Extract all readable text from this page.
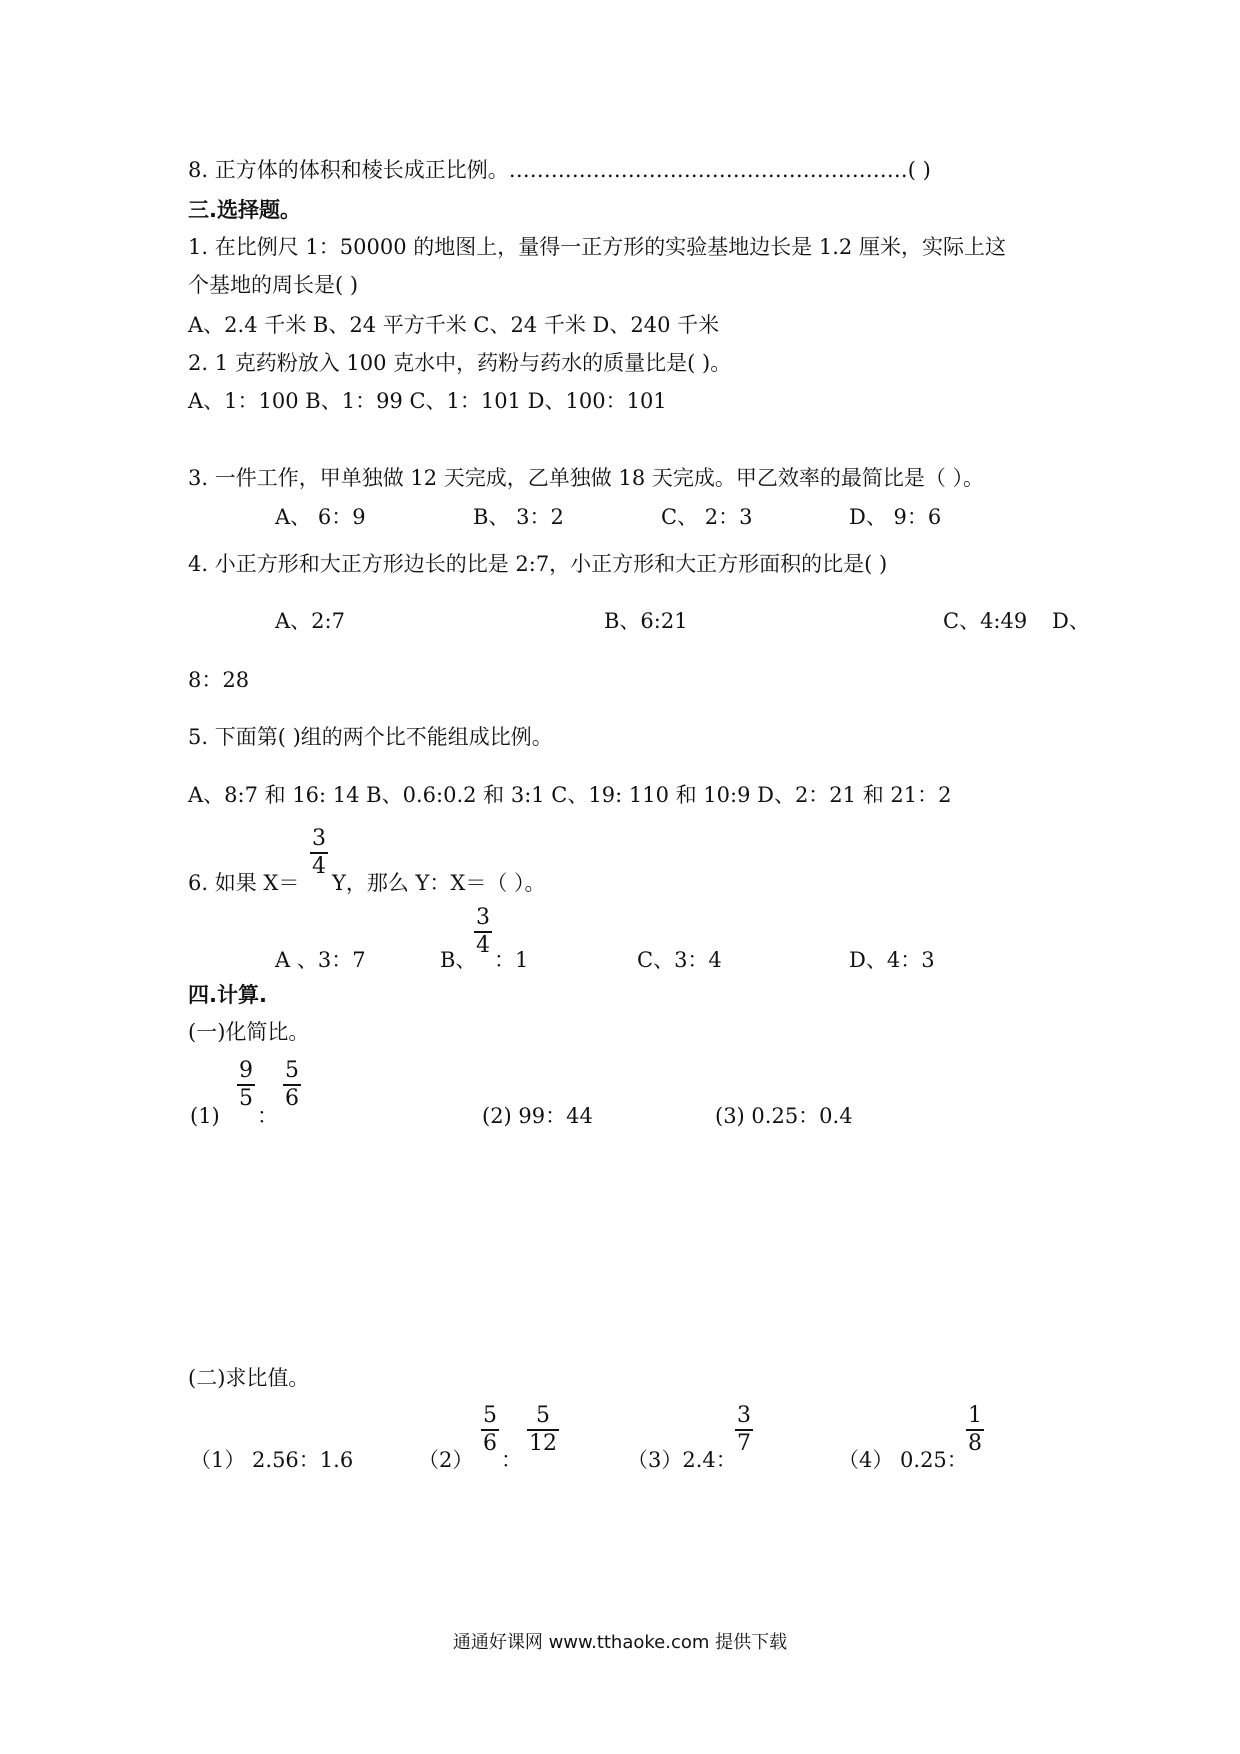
8. 正方体的体积和棱长成正比例。…………………………………………………( )
三.选择题。
1. 在比例尺 1：50000 的地图上，量得一正方形的实验基地边长是 1.2 厘米，实际上这
个基地的周长是( )
A、2.4 千米 B、24 平方千米 C、24 千米 D、240 千米
2. 1 克药粉放入 100 克水中，药粉与药水的质量比是( )。
A、1：100 B、1：99 C、1：101 D、100：101
3. 一件工作，甲单独做 12 天完成，乙单独做 18 天完成。甲乙效率的最简比是（ ）。
A、 6：9	B、 3：2	C、 2：3	D、 9：6
4. 小正方形和大正方形边长的比是 2:7，小正方形和大正方形面积的比是( )
A、2:7	B、6:21	C、4:49 D、
8：28
5. 下面第( )组的两个比不能组成比例。
A、8:7 和 16: 14 B、0.6:0.2 和 3:1 C、19: 110 和 10:9 D、2：21 和 21：2
6. 如果 X＝
3
4
Y，那么 Y：X＝（ ）。
A 、3：7	B、
3
4
：1	C、3：4	D、4：3
四.计算.
(一)化简比。
(1)
9
5
：
5
6
(2) 99：44	(3) 0.25：0.4
(二)求比值。
（1） 2.56：1.6	（2）
5
6
：
5
12
（3）2.4：
3
7
（4） 0.25：
1
8
通通好课网 www.tthaoke.com 提供下载
